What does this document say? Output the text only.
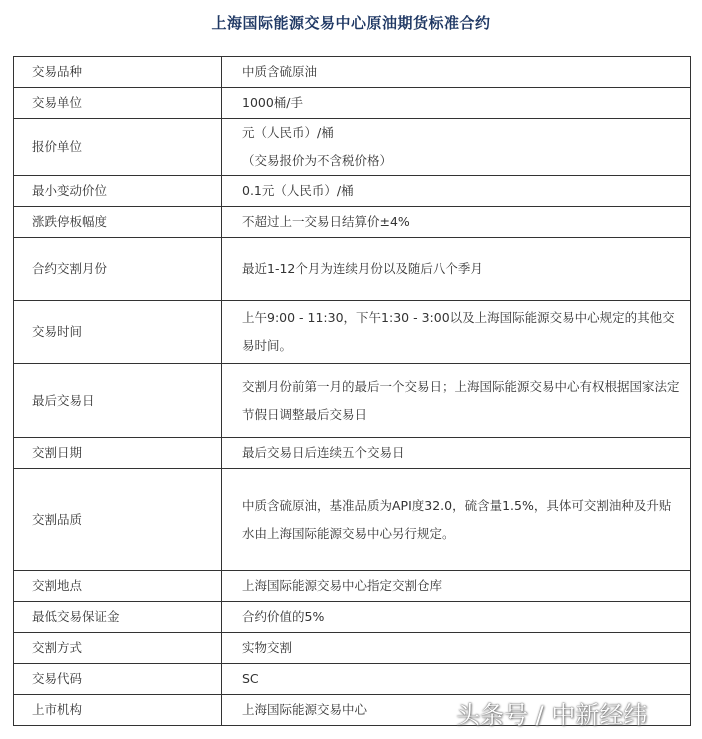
上海国际能源交易中心原油期货标准合约
交易品种	中质含硫原油
交易单位	1000桶/手
报价单位	元（人民币）/桶
（交易报价为不含税价格）

最小变动价位	0.1元（人民币）/桶
涨跌停板幅度	不超过上一交易日结算价±4%
合约交割月份	最近1-12个月为连续月份以及随后八个季月
交易时间	上午9:00 - 11:30，下午1:30 - 3:00以及上海国际能源交易中心规定的其他交易时间。
最后交易日	交割月份前第一月的最后一个交易日；上海国际能源交易中心有权根据国家法定节假日调整最后交易日
交割日期	最后交易日后连续五个交易日
交割品质	中质含硫原油，基准品质为API度32.0，硫含量1.5%，具体可交割油种及升贴水由上海国际能源交易中心另行规定。
交割地点	上海国际能源交易中心指定交割仓库
最低交易保证金	合约价值的5%
交割方式	实物交割
交易代码	SC
上市机构	上海国际能源交易中心	头条号 / 中新经纬
